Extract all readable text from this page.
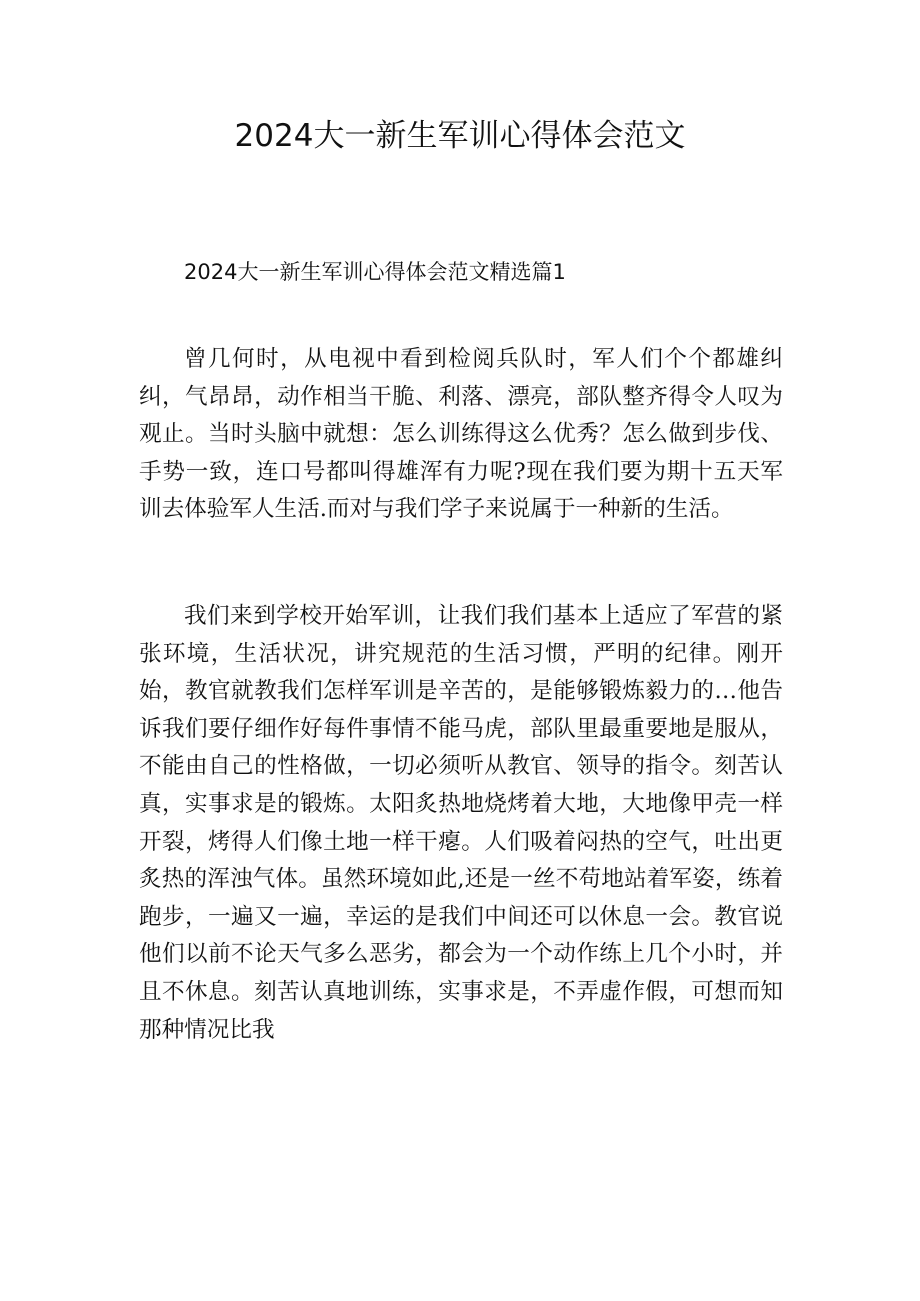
2024大一新生军训心得体会范文
2024大一新生军训心得体会范文精选篇1

曾几何时，从电视中看到检阅兵队时，军人们个个都雄纠纠，气昂昂，动作相当干脆、利落、漂亮，部队整齐得令人叹为观止。当时头脑中就想：怎么训练得这么优秀？怎么做到步伐、手势一致，连口号都叫得雄浑有力呢?现在我们要为期十五天军训去体验军人生活.而对与我们学子来说属于一种新的生活。

我们来到学校开始军训，让我们我们基本上适应了军营的紧张环境，生活状况，讲究规范的生活习惯，严明的纪律。刚开始，教官就教我们怎样军训是辛苦的，是能够锻炼毅力的…他告诉我们要仔细作好每件事情不能马虎，部队里最重要地是服从，不能由自己的性格做，一切必须听从教官、领导的指令。刻苦认真，实事求是的锻炼。太阳炙热地烧烤着大地，大地像甲壳一样开裂，烤得人们像土地一样干瘪。人们吸着闷热的空气，吐出更炙热的浑浊气体。虽然环境如此,还是一丝不苟地站着军姿，练着跑步，一遍又一遍，幸运的是我们中间还可以休息一会。教官说他们以前不论天气多么恶劣，都会为一个动作练上几个小时，并且不休息。刻苦认真地训练，实事求是，不弄虚作假，可想而知那种情况比我
